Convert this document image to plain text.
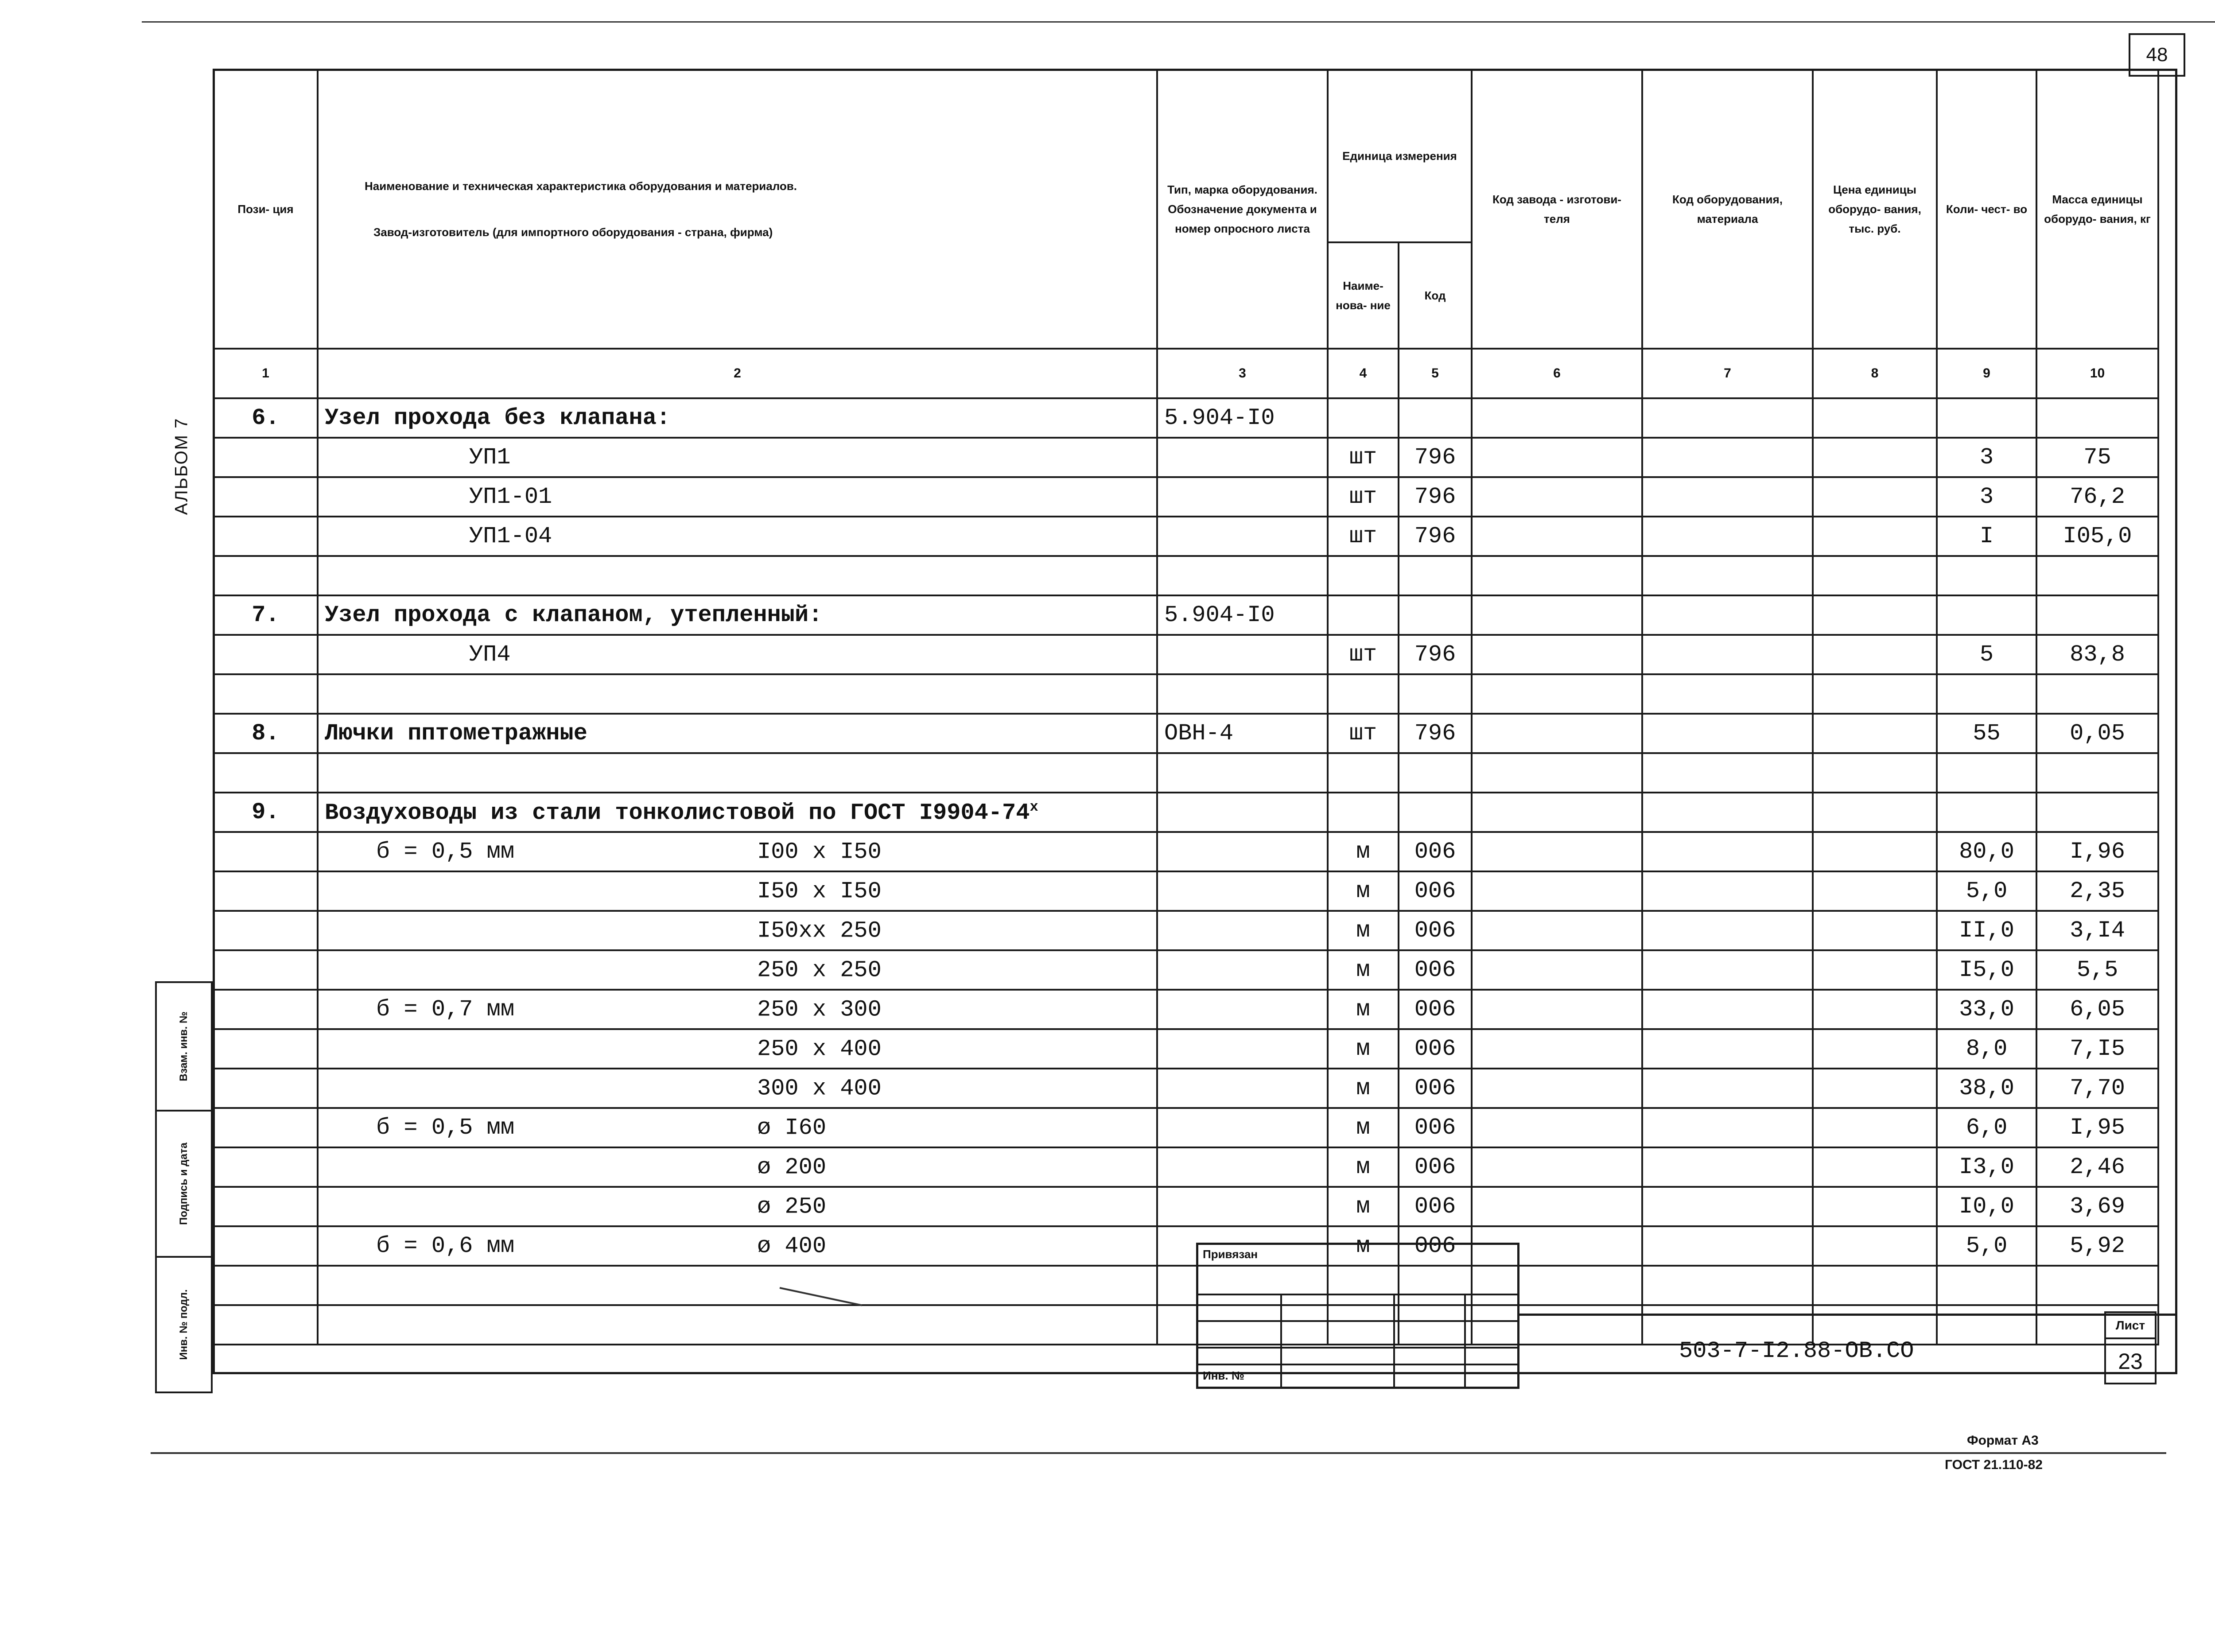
48
АЛЬБОМ 7
Пози- ция	Наименование и техническая характеристика оборудования и материалов.
Завод-изготовитель (для импортного оборудования - страна, фирма)	Тип, марка оборудования. Обозначение документа и номер опросного листа	Единица измерения		Код завода - изготови- теля	Код оборудования, материала	Цена единицы оборудо- вания, тыс. руб.	Коли- чест- во	Масса единицы оборудо- вания, кг
			Наиме- нова- ние	Код					
1	2	3	4	5	6	7	8	9	10
6.	Узел прохода без клапана:	5.904-I0							
	УП1		шт	796				3	75
	УП1-01		шт	796				3	76,2
	УП1-04		шт	796				I	I05,0

7.	Узел прохода с клапаном, утепленный:	5.904-I0							
	УП4		шт	796				5	83,8

8.	Лючки пптометражные	ОВН-4	шт	796				55	0,05

9.	Воздуховоды из стали тонколистовой по ГОСТ I9904-74$^x$								
	б = 0,5 мм I00 x I50		м	006				80,0	I,96

	I50 x I50		м	006				5,0	2,35

	I50xx 250		м	006				II,0	3,I4

	250 x 250		м	006				I5,0	5,5
	б = 0,7 мм 250 x 300		м	006				33,0	6,05

	250 x 400		м	006				8,0	7,I5

	300 x 400		м	006				38,0	7,70
	б = 0,5 мм ø I60		м	006				6,0	I,95

	ø 200		м	006				I3,0	2,46

	ø 250		м	006				I0,0	3,69
	б = 0,6 мм ø 400		м	006				5,0	5,92

Взам. инв. №
Подпись и дата
Инв. № подл.
Привязан
Инв. №
503-7-I2.88-ОВ.СО
Лист
23
Формат А3
ГОСТ 21.110-82
